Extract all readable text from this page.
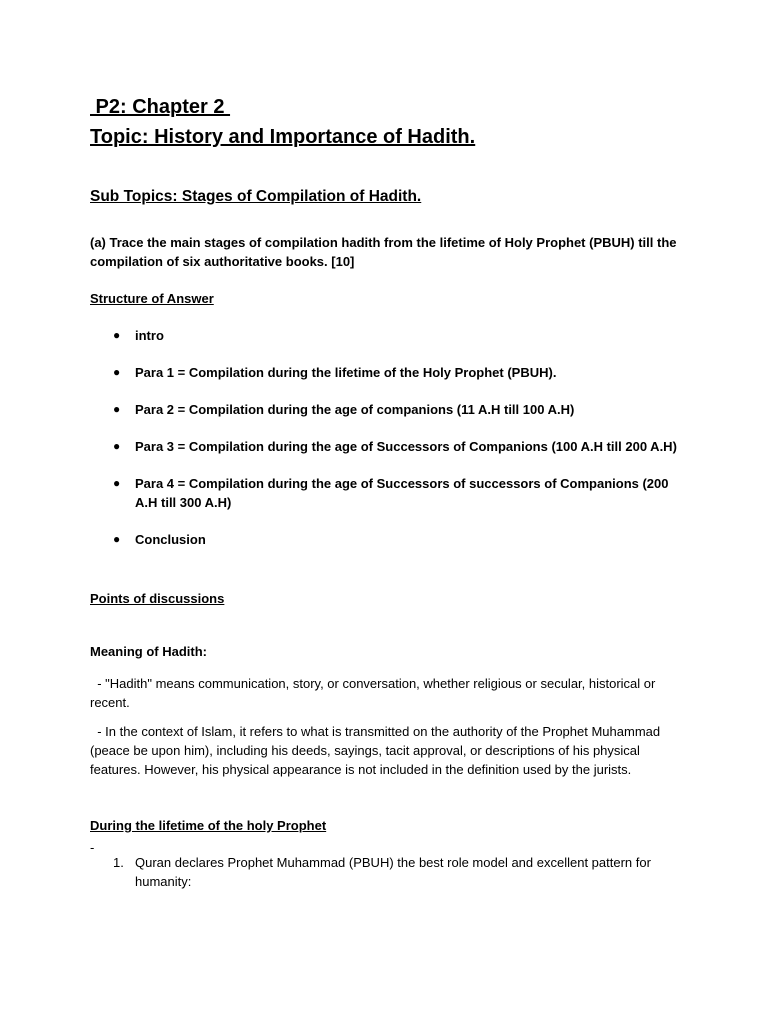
P2: Chapter 2
Topic: History and Importance of Hadith.
Sub Topics: Stages of Compilation of Hadith.
(a) Trace the main stages of compilation hadith from the lifetime of Holy Prophet (PBUH) till the compilation of six authoritative books. [10]
Structure of Answer
●	intro
●	Para 1 = Compilation during the lifetime of the Holy Prophet (PBUH).
●	Para 2 = Compilation during the age of companions (11 A.H till 100 A.H)
●	Para 3 = Compilation during the age of Successors of Companions (100 A.H till 200 A.H)
●	Para 4 = Compilation during the age of Successors of successors of Companions (200 A.H till 300 A.H)
●	Conclusion
Points of discussions
Meaning of Hadith:
- "Hadith" means communication, story, or conversation, whether religious or secular, historical or recent.
- In the context of Islam, it refers to what is transmitted on the authority of the Prophet Muhammad (peace be upon him), including his deeds, sayings, tacit approval, or descriptions of his physical features. However, his physical appearance is not included in the definition used by the jurists.
During the lifetime of the holy Prophet
-
1. Quran declares Prophet Muhammad (PBUH) the best role model and excellent pattern for humanity:
